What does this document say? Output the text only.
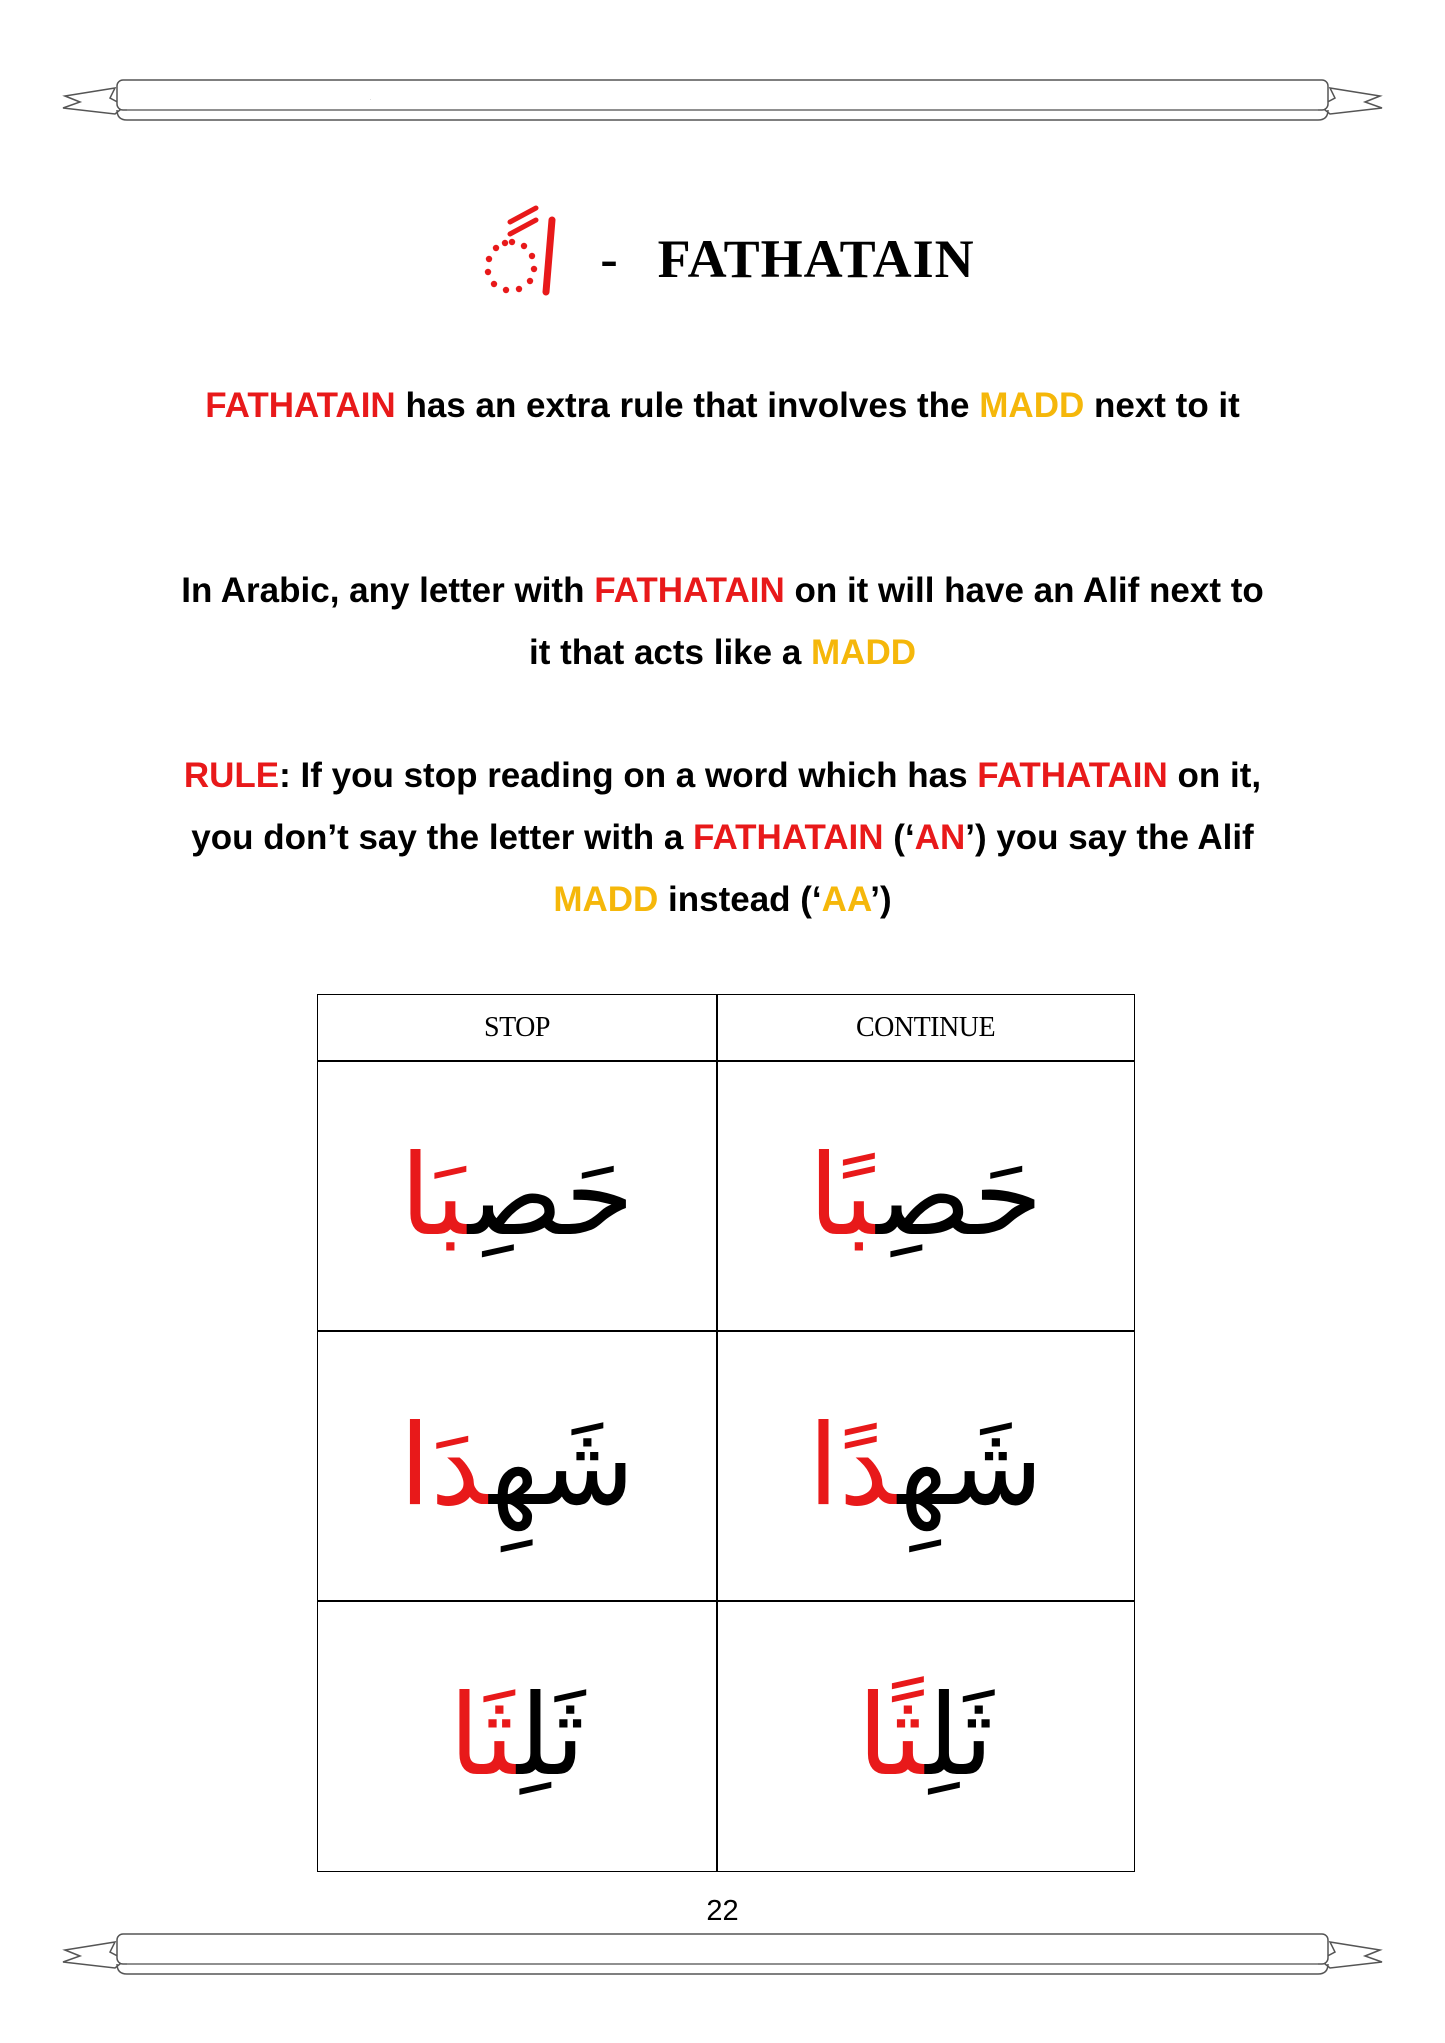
اً
- FATHATAIN
FATHATAIN has an extra rule that involves the MADD next to it
In Arabic, any letter with FATHATAIN on it will have an Alif next to it that acts like a MADD
RULE: If you stop reading on a word which has FATHATAIN on it, you don’t say the letter with a FATHATAIN (‘AN’) you say the Alif MADD instead (‘AA’)
STOP	CONTINUE
حَصِبَا	حَصِبًا
شَهِدَا	شَهِدًا
ثَلِثَا	ثَلِثًا
22
